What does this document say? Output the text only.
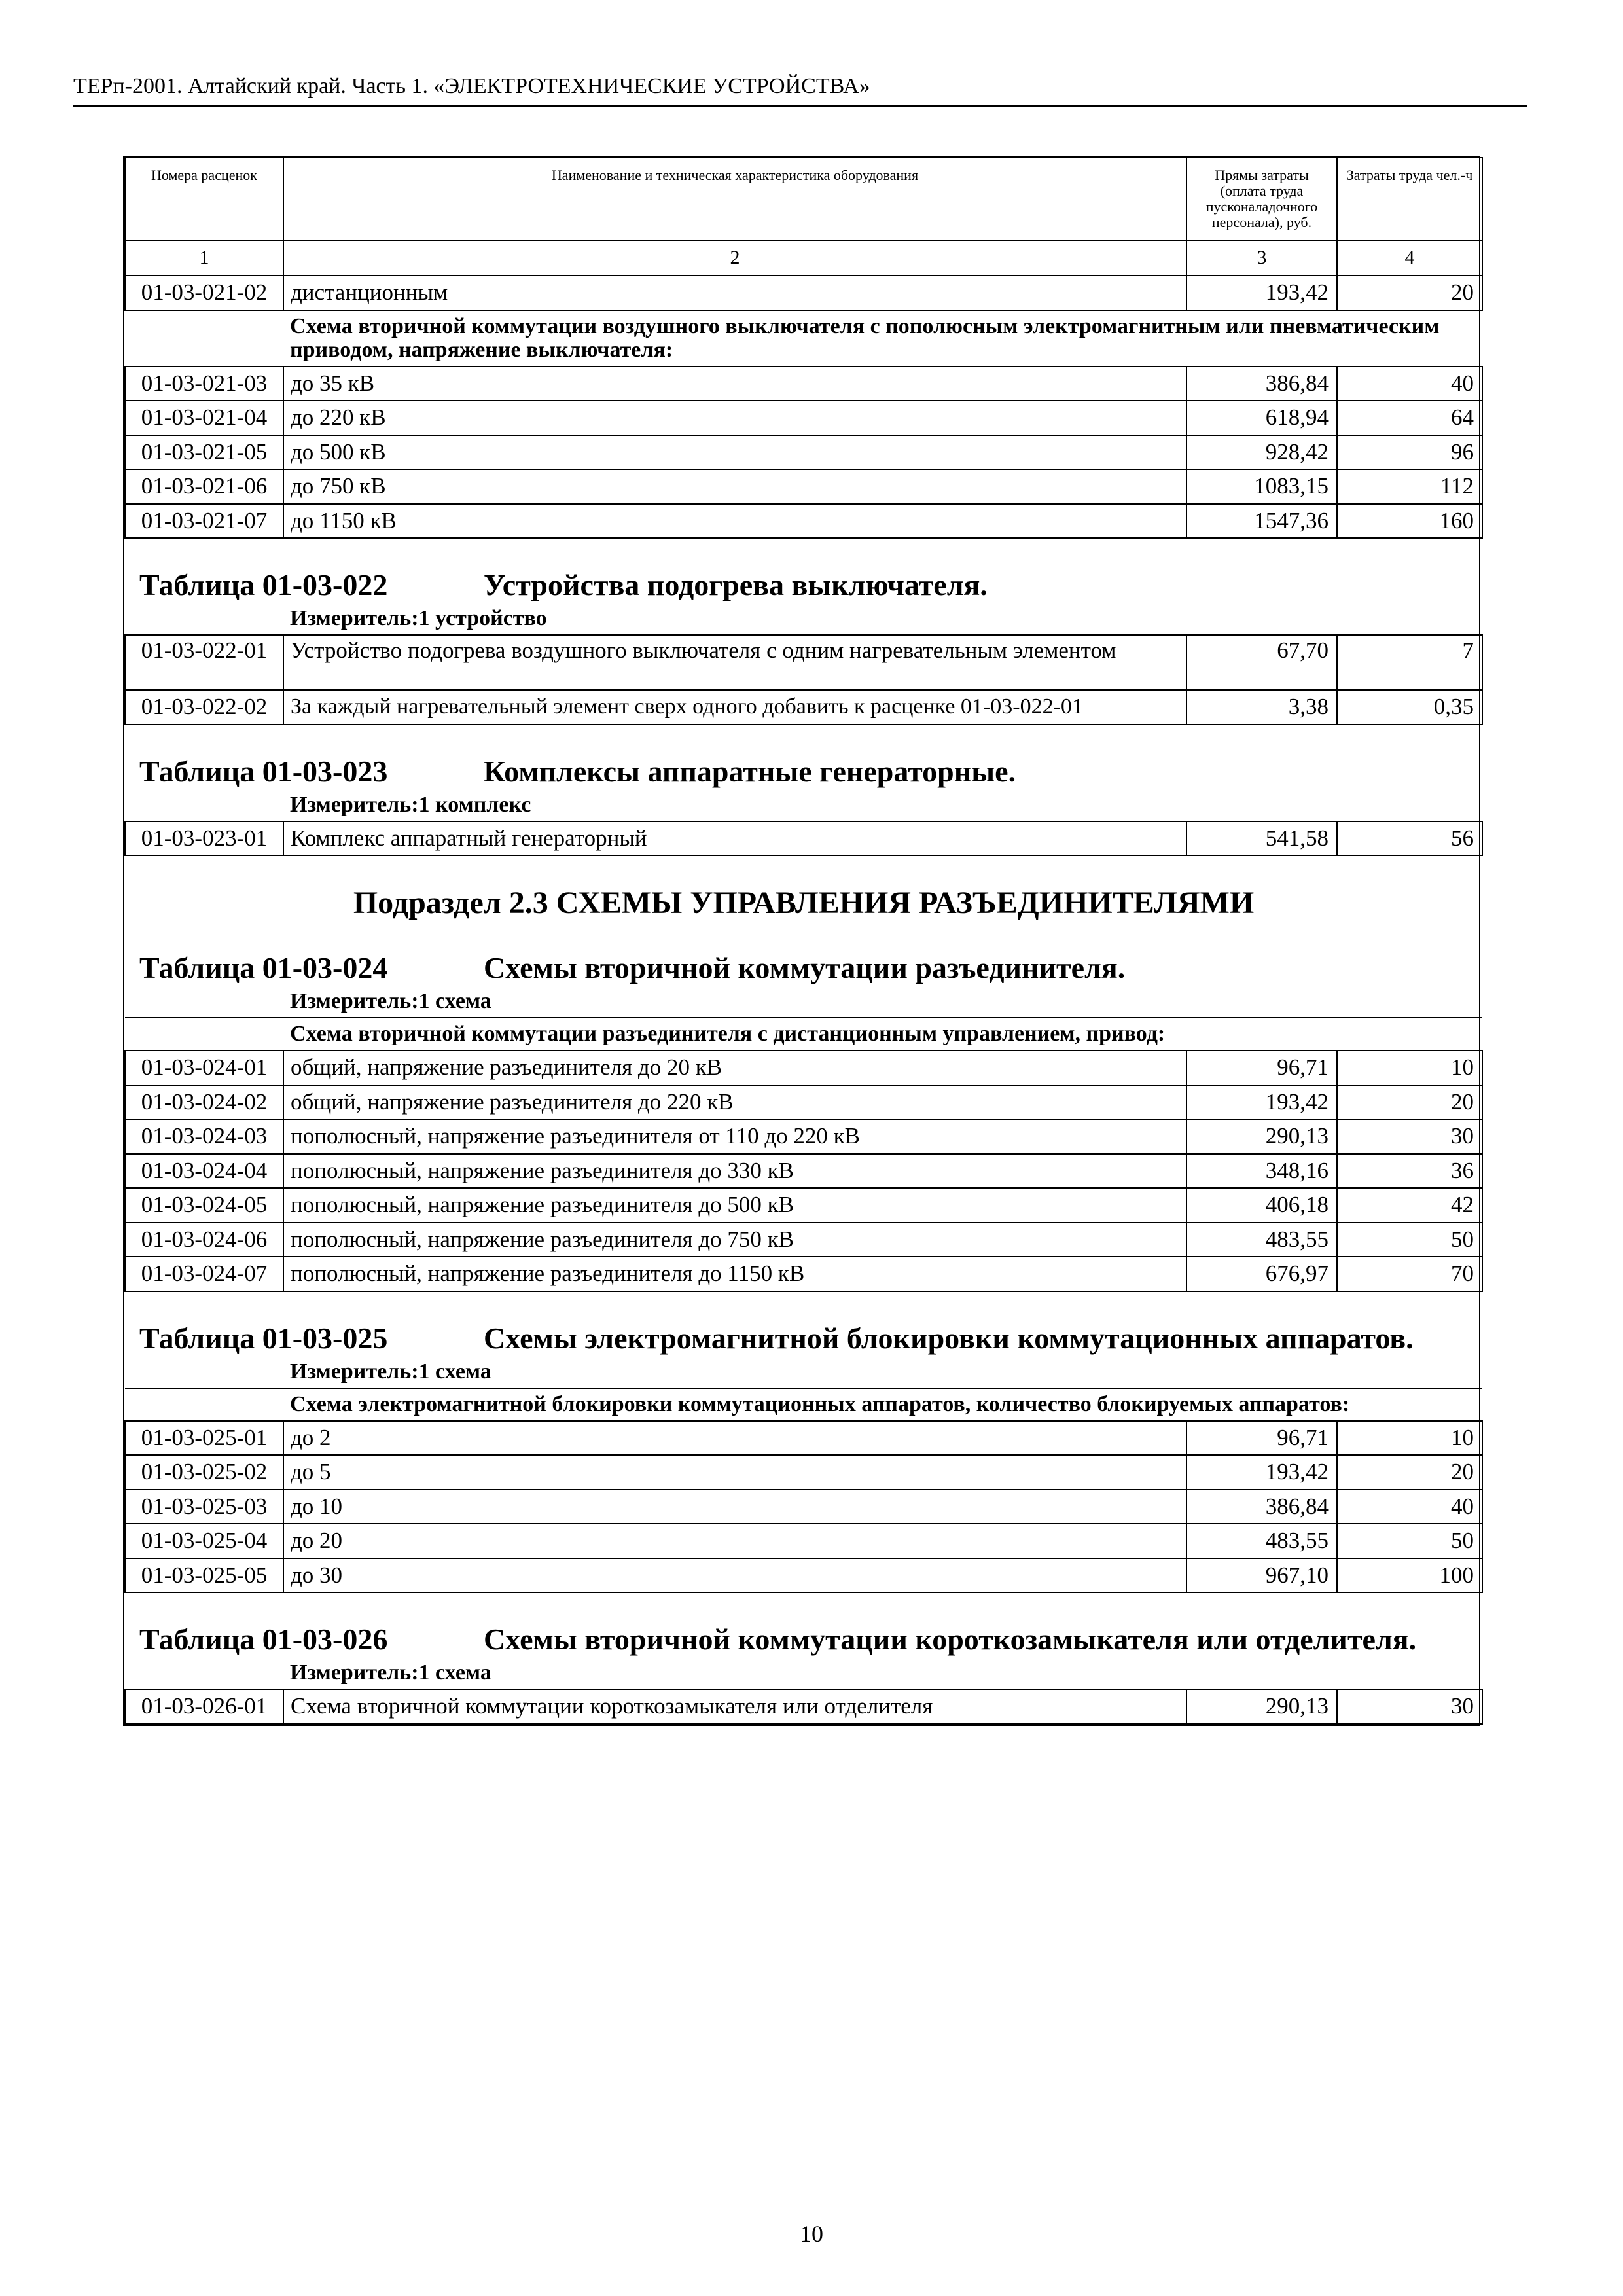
ТЕРп-2001. Алтайский край. Часть 1. «ЭЛЕКТРОТЕХНИЧЕСКИЕ УСТРОЙСТВА»
Номера расценок	Наименование и техническая характеристика оборудования	Прямы затраты (оплата труда пусконаладочного персонала), руб.	Затраты труда чел.-ч
1	2	3	4
01-03-021-02	дистанционным	193,42	20
	Схема вторичной коммутации воздушного выключателя с пополюсным электромагнитным или пневматическим приводом, напряжение выключателя:		
01-03-021-03	до 35 кВ	386,84	40
01-03-021-04	до 220 кВ	618,94	64
01-03-021-05	до 500 кВ	928,42	96
01-03-021-06	до 750 кВ	1083,15	112
01-03-021-07	до 1150 кВ	1547,36	160
Таблица 01-03-022 Устройства подогрева выключателя.			
	Измеритель:1 устройство		
01-03-022-01	Устройство подогрева воздушного выключателя с одним нагревательным элементом	67,70	7
01-03-022-02	За каждый нагревательный элемент сверх одного добавить к расценке 01-03-022-01	3,38	0,35
Таблица 01-03-023 Комплексы аппаратные генераторные.			
	Измеритель:1 комплекс		
01-03-023-01	Комплекс аппаратный генераторный	541,58	56
Подраздел 2.3 СХЕМЫ УПРАВЛЕНИЯ РАЗЪЕДИНИТЕЛЯМИ			
Таблица 01-03-024 Схемы вторичной коммутации разъединителя.			
	Измеритель:1 схема		
	Схема вторичной коммутации разъединителя с дистанционным управлением, привод:		
01-03-024-01	общий, напряжение разъединителя до 20 кВ	96,71	10
01-03-024-02	общий, напряжение разъединителя до 220 кВ	193,42	20
01-03-024-03	пополюсный, напряжение разъединителя от 110 до 220 кВ	290,13	30
01-03-024-04	пополюсный, напряжение разъединителя до 330 кВ	348,16	36
01-03-024-05	пополюсный, напряжение разъединителя до 500 кВ	406,18	42
01-03-024-06	пополюсный, напряжение разъединителя до 750 кВ	483,55	50
01-03-024-07	пополюсный, напряжение разъединителя до 1150 кВ	676,97	70
Таблица 01-03-025 Схемы электромагнитной блокировки коммутационных аппаратов.			
	Измеритель:1 схема		
	Схема электромагнитной блокировки коммутационных аппаратов, количество блокируемых аппаратов:		
01-03-025-01	до 2	96,71	10
01-03-025-02	до 5	193,42	20
01-03-025-03	до 10	386,84	40
01-03-025-04	до 20	483,55	50
01-03-025-05	до 30	967,10	100
Таблица 01-03-026 Схемы вторичной коммутации короткозамыкателя или отделителя.			
	Измеритель:1 схема		
01-03-026-01	Схема вторичной коммутации короткозамыкателя или отделителя	290,13	30
10
